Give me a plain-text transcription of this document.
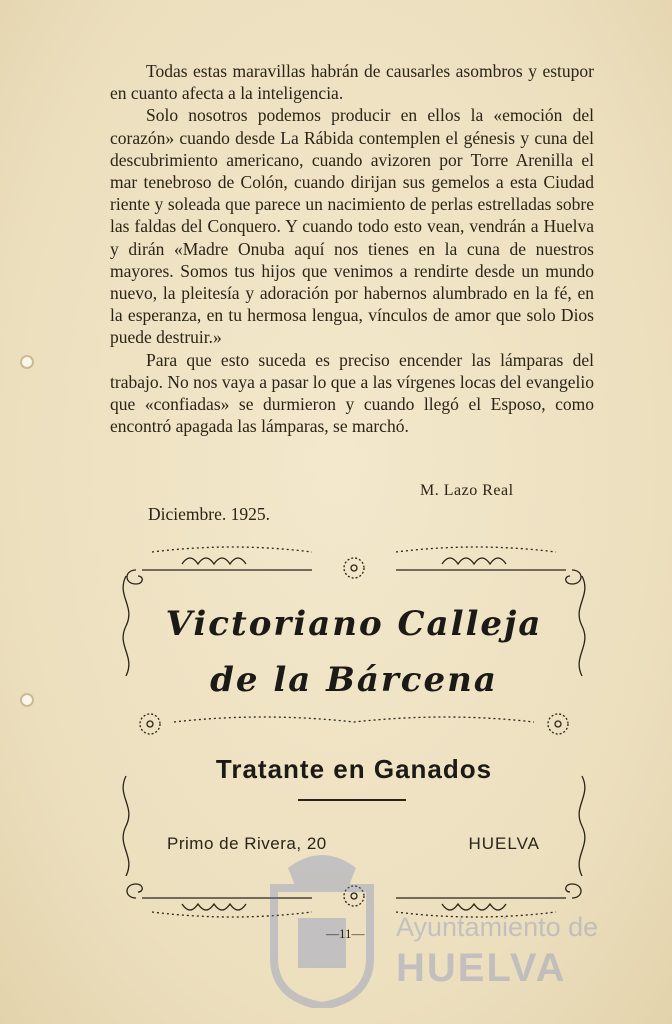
Todas estas maravillas habrán de causarles asombros y estupor en cuanto afecta a la inteligencia.

Solo nosotros podemos producir en ellos la «emoción del corazón» cuando desde La Rábida contemplen el génesis y cuna del descubrimiento americano, cuando avizoren por Torre Arenilla el mar tenebroso de Colón, cuando dirijan sus gemelos a esta Ciudad riente y soleada que parece un nacimiento de perlas estrelladas sobre las faldas del Conquero. Y cuando todo esto vean, vendrán a Huelva y dirán «Madre Onuba aquí nos tienes en la cuna de nuestros mayores. Somos tus hijos que venimos a rendirte desde un mundo nuevo, la pleitesía y adoración por habernos alumbrado en la fé, en la esperanza, en tu hermosa lengua, vínculos de amor que solo Dios puede destruir.»

Para que esto suceda es preciso encender las lámparas del trabajo. No nos vaya a pasar lo que a las vírgenes locas del evangelio que «confiadas» se durmieron y cuando llegó el Esposo, como encontró apagada las lámparas, se marchó.

M. Lazo Real
Diciembre. 1925.
Victoriano Calleja
de la Bárcena
Tratante en Ganados
Primo de Rivera, 20	HUELVA
Ayuntamiento de
HUELVA
—11—
